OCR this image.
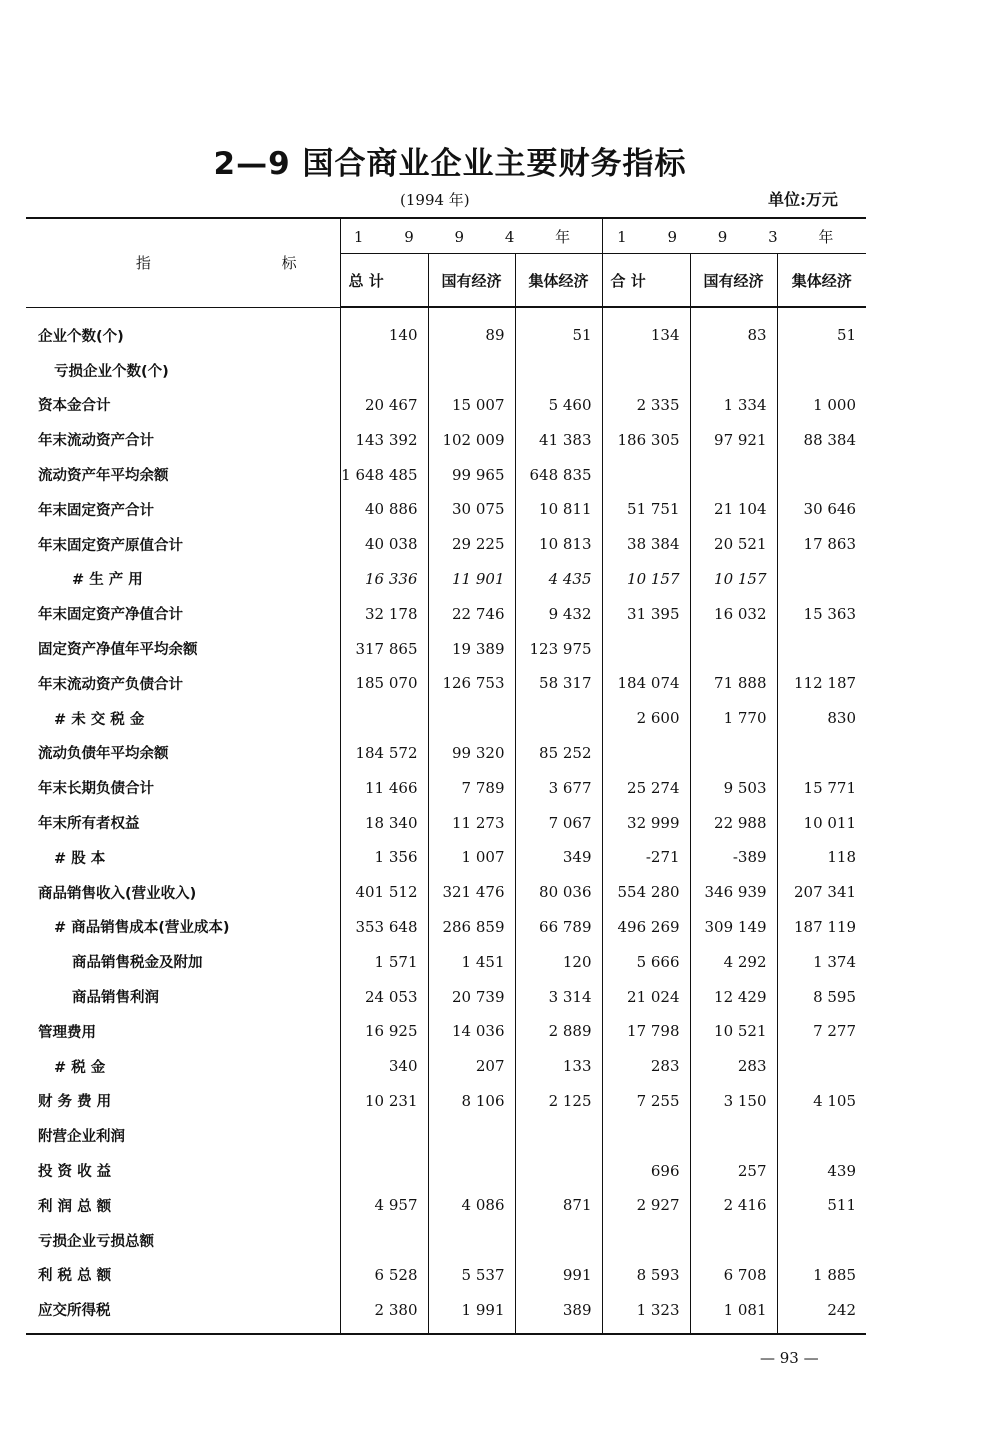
2—9 国合商业企业主要财务指标
(1994 年)	单位:万元
指 标	1 9 9 4 年			1 9 9 3 年		

总 计	国有经济	集体经济	合 计	国有经济	集体经济

企业个数(个)	140	89	51	134	83	51
亏损企业个数(个)						
资本金合计	20 467	15 007	5 460	2 335	1 334	1 000
年末流动资产合计	143 392	102 009	41 383	186 305	97 921	88 384
流动资产年平均余额	1 648 485	99 965	648 835			
年末固定资产合计	40 886	30 075	10 811	51 751	21 104	30 646
年末固定资产原值合计	40 038	29 225	10 813	38 384	20 521	17 863
# 生 产 用	16 336	11 901	4 435	10 157	10 157	
年末固定资产净值合计	32 178	22 746	9 432	31 395	16 032	15 363
固定资产净值年平均余额	317 865	19 389	123 975			
年末流动资产负债合计	185 070	126 753	58 317	184 074	71 888	112 187
# 未 交 税 金				2 600	1 770	830
流动负债年平均余额	184 572	99 320	85 252			
年末长期负债合计	11 466	7 789	3 677	25 274	9 503	15 771
年末所有者权益	18 340	11 273	7 067	32 999	22 988	10 011
# 股 本	1 356	1 007	349	-271	-389	118
商品销售收入(营业收入)	401 512	321 476	80 036	554 280	346 939	207 341
# 商品销售成本(营业成本)	353 648	286 859	66 789	496 269	309 149	187 119
商品销售税金及附加	1 571	1 451	120	5 666	4 292	1 374
商品销售利润	24 053	20 739	3 314	21 024	12 429	8 595
管理费用	16 925	14 036	2 889	17 798	10 521	7 277
# 税 金	340	207	133	283	283	
财 务 费 用	10 231	8 106	2 125	7 255	3 150	4 105
附营企业利润						
投 资 收 益				696	257	439
利 润 总 额	4 957	4 086	871	2 927	2 416	511
亏损企业亏损总额						
利 税 总 额	6 528	5 537	991	8 593	6 708	1 885
应交所得税	2 380	1 991	389	1 323	1 081	242
— 93 —
